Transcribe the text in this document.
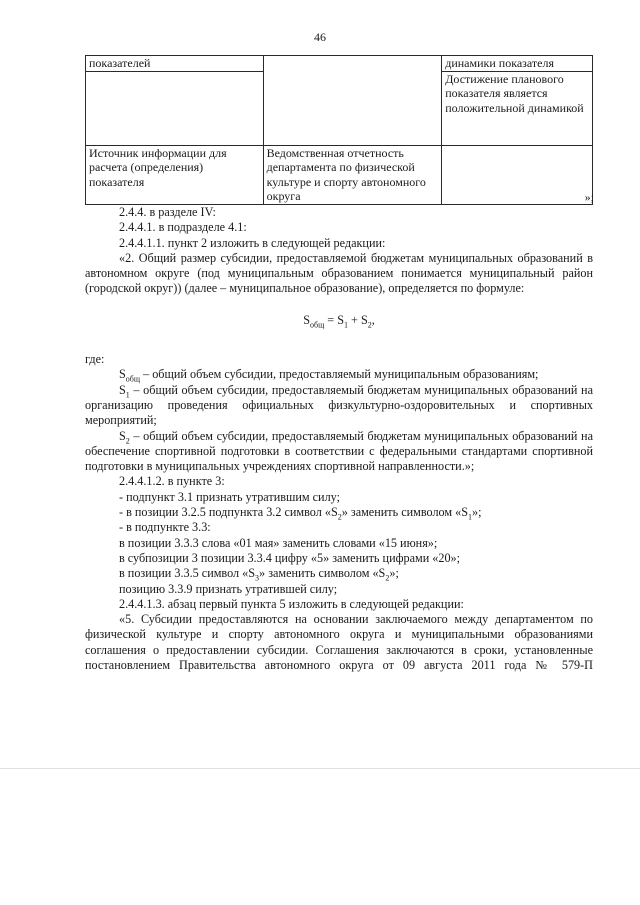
46
показателей		динамики показателя
		Достижение планового показателя является положительной динамикой
Источник информации для расчета (определения) показателя	Ведомственная отчетность департамента по физической культуре и спорту автономного округа		»;

2.4.4. в разделе IV:

2.4.4.1. в подразделе 4.1:

2.4.4.1.1. пункт 2 изложить в следующей редакции:

«2. Общий размер субсидии, предоставляемой бюджетам муниципальных образований в автономном округе (под муниципальным образованием понимается муниципальный район (городской округ)) (далее – муниципальное образование), определяется по формуле:

$S_{общ} = S_1 + S_2$,

где:

$S_{общ}$ – общий объем субсидии, предоставляемый муниципальным образованиям;

$S_1$ – общий объем субсидии, предоставляемый бюджетам муниципальных образований на организацию проведения официальных физкультурно-оздоровительных и спортивных мероприятий;

$S_2$ – общий объем субсидии, предоставляемый бюджетам муниципальных образований на обеспечение спортивной подготовки в соответствии с федеральными стандартами спортивной подготовки в муниципальных учреждениях спортивной направленности.»;

2.4.4.1.2. в пункте 3:

- подпункт 3.1 признать утратившим силу;

- в позиции 3.2.5 подпункта 3.2 символ «$S_2$» заменить символом «$S_1$»;

- в подпункте 3.3:

в позиции 3.3.3 слова «01 мая» заменить словами «15 июня»;

в субпозиции 3 позиции 3.3.4 цифру «5» заменить цифрами «20»;

в позиции 3.3.5 символ «$S_3$» заменить символом «$S_2$»;

позицию 3.3.9 признать утратившей силу;

2.4.4.1.3. абзац первый пункта 5 изложить в следующей редакции:

«5. Субсидии предоставляются на основании заключаемого между департаментом по физической культуре и спорту автономного округа и муниципальными образованиями соглашения о предоставлении субсидии. Соглашения заключаются в сроки, установленные постановлением Правительства автономного округа от 09 августа 2011 года № 579-П
